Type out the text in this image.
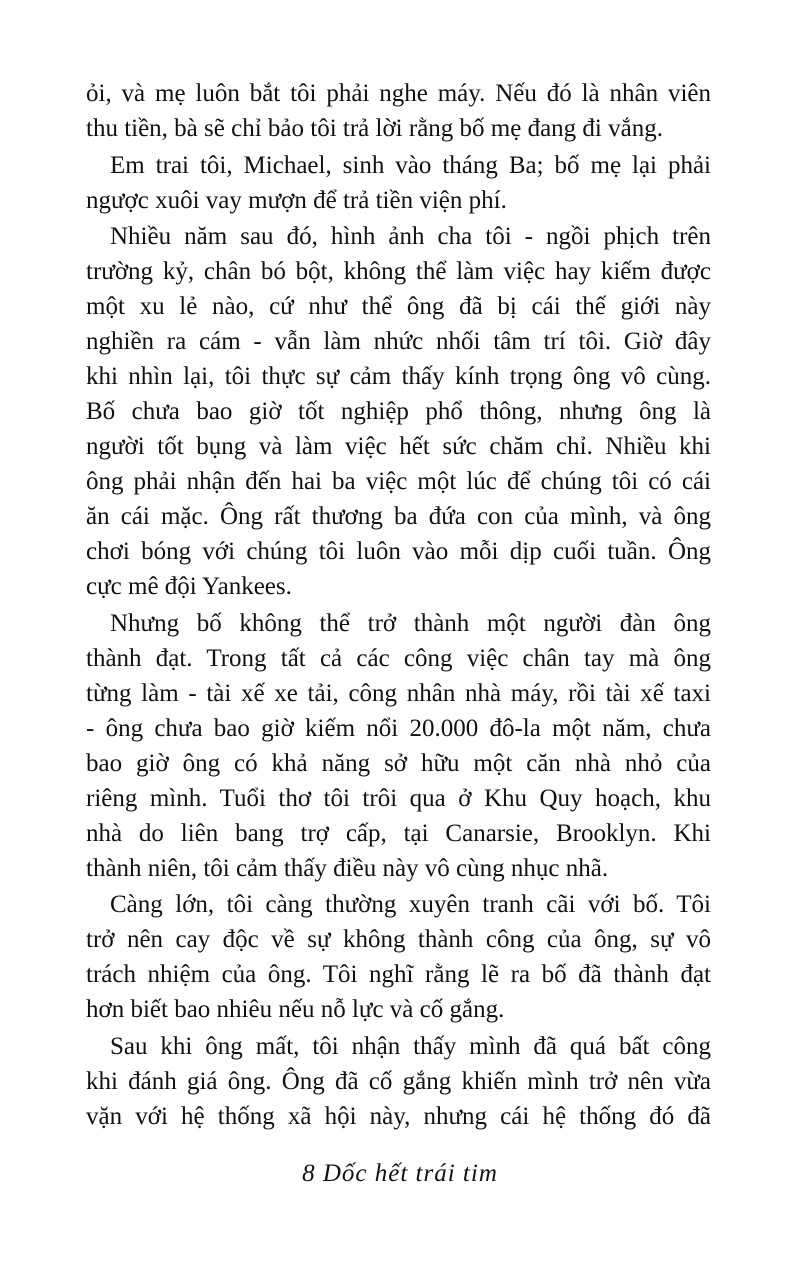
ỏi, và mẹ luôn bắt tôi phải nghe máy. Nếu đó là nhân viên
thu tiền, bà sẽ chỉ bảo tôi trả lời rằng bố mẹ đang đi vắng.
Em trai tôi, Michael, sinh vào tháng Ba; bố mẹ lại phải
ngược xuôi vay mượn để trả tiền viện phí.
Nhiều năm sau đó, hình ảnh cha tôi - ngồi phịch trên
trường kỷ, chân bó bột, không thể làm việc hay kiếm được
một xu lẻ nào, cứ như thể ông đã bị cái thế giới này
nghiền ra cám - vẫn làm nhức nhối tâm trí tôi. Giờ đây
khi nhìn lại, tôi thực sự cảm thấy kính trọng ông vô cùng.
Bố chưa bao giờ tốt nghiệp phổ thông, nhưng ông là
người tốt bụng và làm việc hết sức chăm chỉ. Nhiều khi
ông phải nhận đến hai ba việc một lúc để chúng tôi có cái
ăn cái mặc. Ông rất thương ba đứa con của mình, và ông
chơi bóng với chúng tôi luôn vào mỗi dịp cuối tuần. Ông
cực mê đội Yankees.
Nhưng bố không thể trở thành một người đàn ông
thành đạt. Trong tất cả các công việc chân tay mà ông
từng làm - tài xế xe tải, công nhân nhà máy, rồi tài xế taxi
- ông chưa bao giờ kiếm nổi 20.000 đô-la một năm, chưa
bao giờ ông có khả năng sở hữu một căn nhà nhỏ của
riêng mình. Tuổi thơ tôi trôi qua ở Khu Quy hoạch, khu
nhà do liên bang trợ cấp, tại Canarsie, Brooklyn. Khi
thành niên, tôi cảm thấy điều này vô cùng nhục nhã.
Càng lớn, tôi càng thường xuyên tranh cãi với bố. Tôi
trở nên cay độc về sự không thành công của ông, sự vô
trách nhiệm của ông. Tôi nghĩ rằng lẽ ra bố đã thành đạt
hơn biết bao nhiêu nếu nỗ lực và cố gắng.
Sau khi ông mất, tôi nhận thấy mình đã quá bất công
khi đánh giá ông. Ông đã cố gắng khiến mình trở nên vừa
vặn với hệ thống xã hội này, nhưng cái hệ thống đó đã
8 Dốc hết trái tim
